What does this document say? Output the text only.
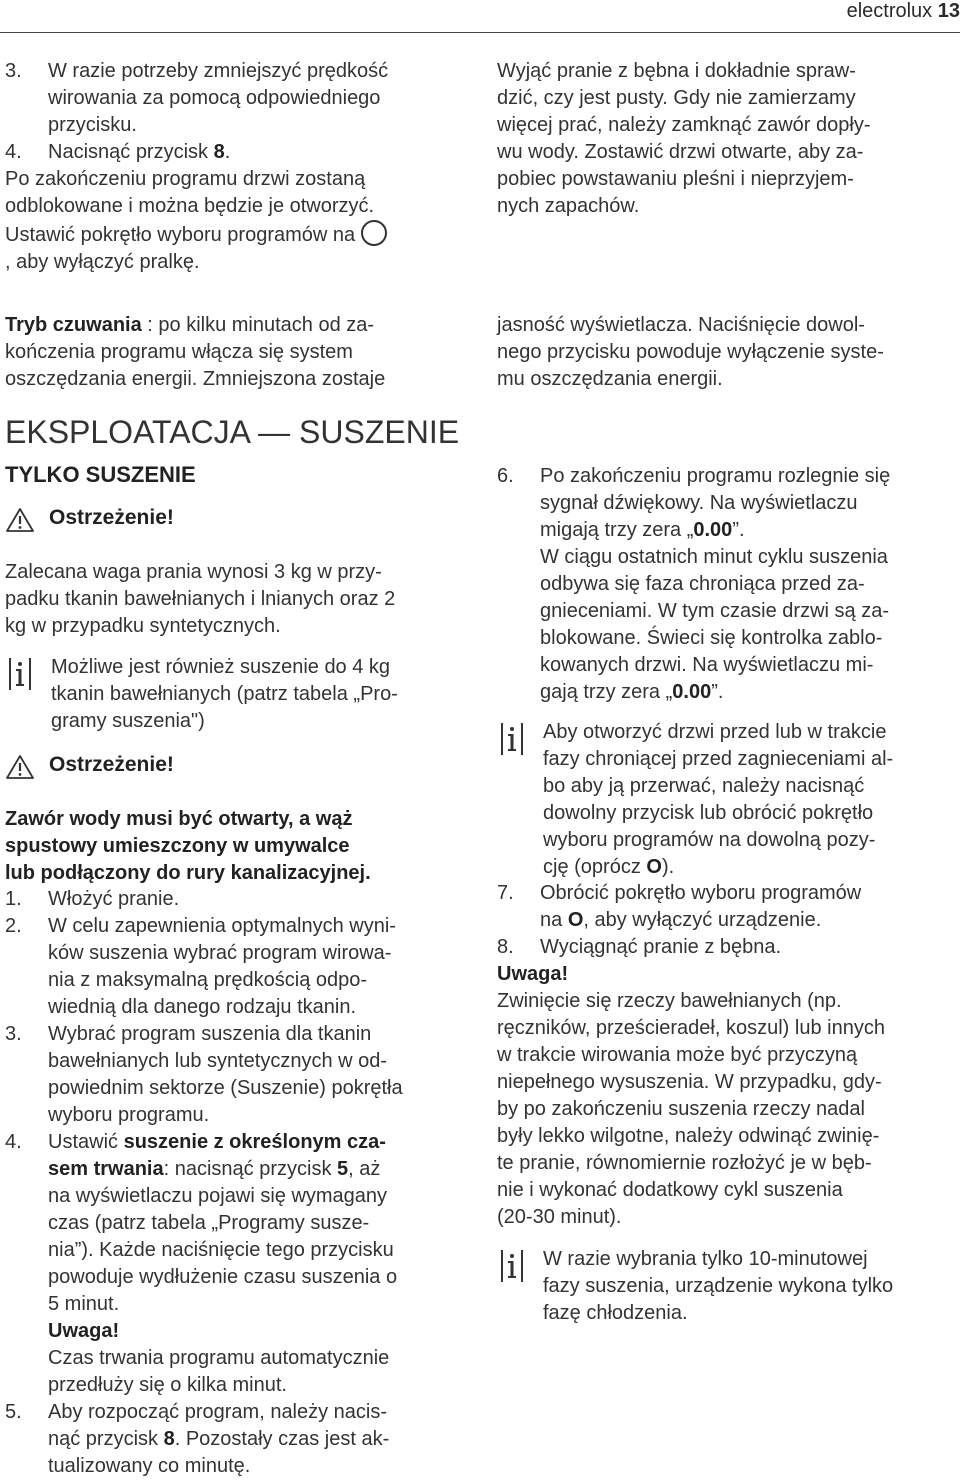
electrolux 13
3. W razie potrzeby zmniejszyć prędkość
wirowania za pomocą odpowiedniego
przycisku.
4. Nacisnąć przycisk 8.
Po zakończeniu programu drzwi zostaną
odblokowane i można będzie je otworzyć.
Ustawić pokrętło wyboru programów na
, aby wyłączyć pralkę.
Tryb czuwania : po kilku minutach od za-
kończenia programu włącza się system
oszczędzania energii. Zmniejszona zostaje
Wyjąć pranie z bębna i dokładnie spraw-
dzić, czy jest pusty. Gdy nie zamierzamy
więcej prać, należy zamknąć zawór dopły-
wu wody. Zostawić drzwi otwarte, aby za-
pobiec powstawaniu pleśni i nieprzyjem-
nych zapachów.
jasność wyświetlacza. Naciśnięcie dowol-
nego przycisku powoduje wyłączenie syste-
mu oszczędzania energii.
EKSPLOATACJA — SUSZENIE
TYLKO SUSZENIE
Ostrzeżenie!
Zalecana waga prania wynosi 3 kg w przy-
padku tkanin bawełnianych i lnianych oraz 2
kg w przypadku syntetycznych.
Możliwe jest również suszenie do 4 kg
tkanin bawełnianych (patrz tabela „Pro-
gramy suszenia")
Ostrzeżenie!
Zawór wody musi być otwarty, a wąż
spustowy umieszczony w umywalce
lub podłączony do rury kanalizacyjnej.
1. Włożyć pranie.
2. W celu zapewnienia optymalnych wyni-
ków suszenia wybrać program wirowa-
nia z maksymalną prędkością odpo-
wiednią dla danego rodzaju tkanin.
3. Wybrać program suszenia dla tkanin
bawełnianych lub syntetycznych w od-
powiednim sektorze (Suszenie) pokrętła
wyboru programu.
4. Ustawić suszenie z określonym cza-
sem trwania: nacisnąć przycisk 5, aż
na wyświetlaczu pojawi się wymagany
czas (patrz tabela „Programy susze-
nia”). Każde naciśnięcie tego przycisku
powoduje wydłużenie czasu suszenia o
5 minut.
Uwaga!
Czas trwania programu automatycznie
przedłuży się o kilka minut.
5. Aby rozpocząć program, należy nacis-
nąć przycisk 8. Pozostały czas jest ak-
tualizowany co minutę.
6. Po zakończeniu programu rozlegnie się
sygnał dźwiękowy. Na wyświetlaczu
migają trzy zera „0.00”.
W ciągu ostatnich minut cyklu suszenia
odbywa się faza chroniąca przed za-
gnieceniami. W tym czasie drzwi są za-
blokowane. Świeci się kontrolka zablo-
kowanych drzwi. Na wyświetlaczu mi-
gają trzy zera „0.00”.
Aby otworzyć drzwi przed lub w trakcie
fazy chroniącej przed zagnieceniami al-
bo aby ją przerwać, należy nacisnąć
dowolny przycisk lub obrócić pokrętło
wyboru programów na dowolną pozy-
cję (oprócz O).
7. Obrócić pokrętło wyboru programów
na O, aby wyłączyć urządzenie.
8. Wyciągnąć pranie z bębna.
Uwaga!
Zwinięcie się rzeczy bawełnianych (np.
ręczników, prześcieradeł, koszul) lub innych
w trakcie wirowania może być przyczyną
niepełnego wysuszenia. W przypadku, gdy-
by po zakończeniu suszenia rzeczy nadal
były lekko wilgotne, należy odwinąć zwinię-
te pranie, równomiernie rozłożyć je w bęb-
nie i wykonać dodatkowy cykl suszenia
(20-30 minut).
W razie wybrania tylko 10-minutowej
fazy suszenia, urządzenie wykona tylko
fazę chłodzenia.
